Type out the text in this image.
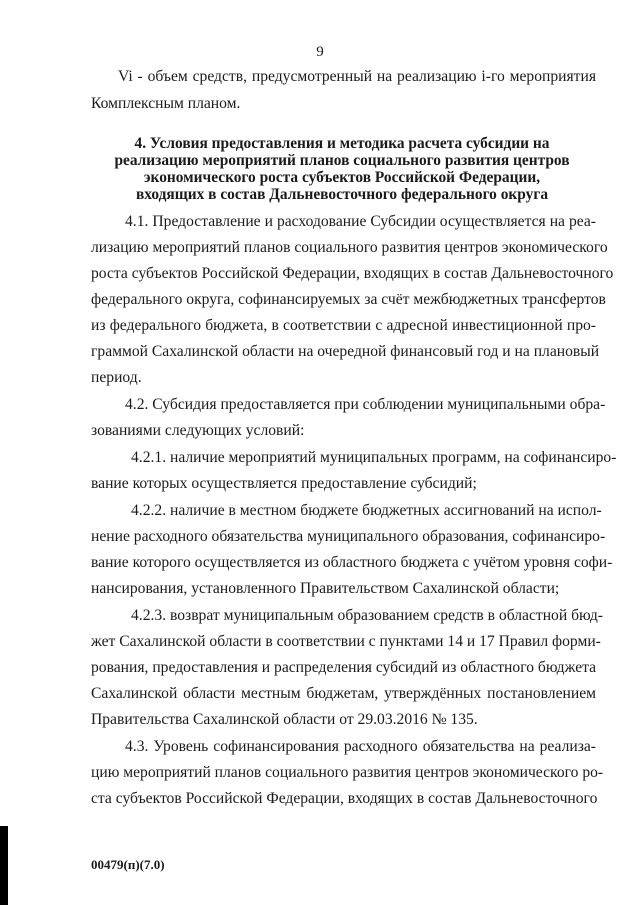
9
Vi - объем средств, предусмотренный на реализацию i-го мероприятия
Комплексным планом.
4. Условия предоставления и методика расчета субсидии на
реализацию мероприятий планов социального развития центров
экономического роста субъектов Российской Федерации,
входящих в состав Дальневосточного федерального округа
4.1. Предоставление и расходование Субсидии осуществляется на реа-
лизацию мероприятий планов социального развития центров экономического
роста субъектов Российской Федерации, входящих в состав Дальневосточного
федерального округа, софинансируемых за счёт межбюджетных трансфертов
из федерального бюджета, в соответствии с адресной инвестиционной про-
граммой Сахалинской области на очередной финансовый год и на плановый
период.
4.2. Субсидия предоставляется при соблюдении муниципальными обра-
зованиями следующих условий:
4.2.1. наличие мероприятий муниципальных программ, на софинансиро-
вание которых осуществляется предоставление субсидий;
4.2.2. наличие в местном бюджете бюджетных ассигнований на испол-
нение расходного обязательства муниципального образования, софинансиро-
вание которого осуществляется из областного бюджета с учётом уровня софи-
нансирования, установленного Правительством Сахалинской области;
4.2.3. возврат муниципальным образованием средств в областной бюд-
жет Сахалинской области в соответствии с пунктами 14 и 17 Правил форми-
рования, предоставления и распределения субсидий из областного бюджета
Сахалинской области местным бюджетам, утверждённых постановлением
Правительства Сахалинской области от 29.03.2016 № 135.
4.3. Уровень софинансирования расходного обязательства на реализа-
цию мероприятий планов социального развития центров экономического ро-
ста субъектов Российской Федерации, входящих в состав Дальневосточного
00479(п)(7.0)
